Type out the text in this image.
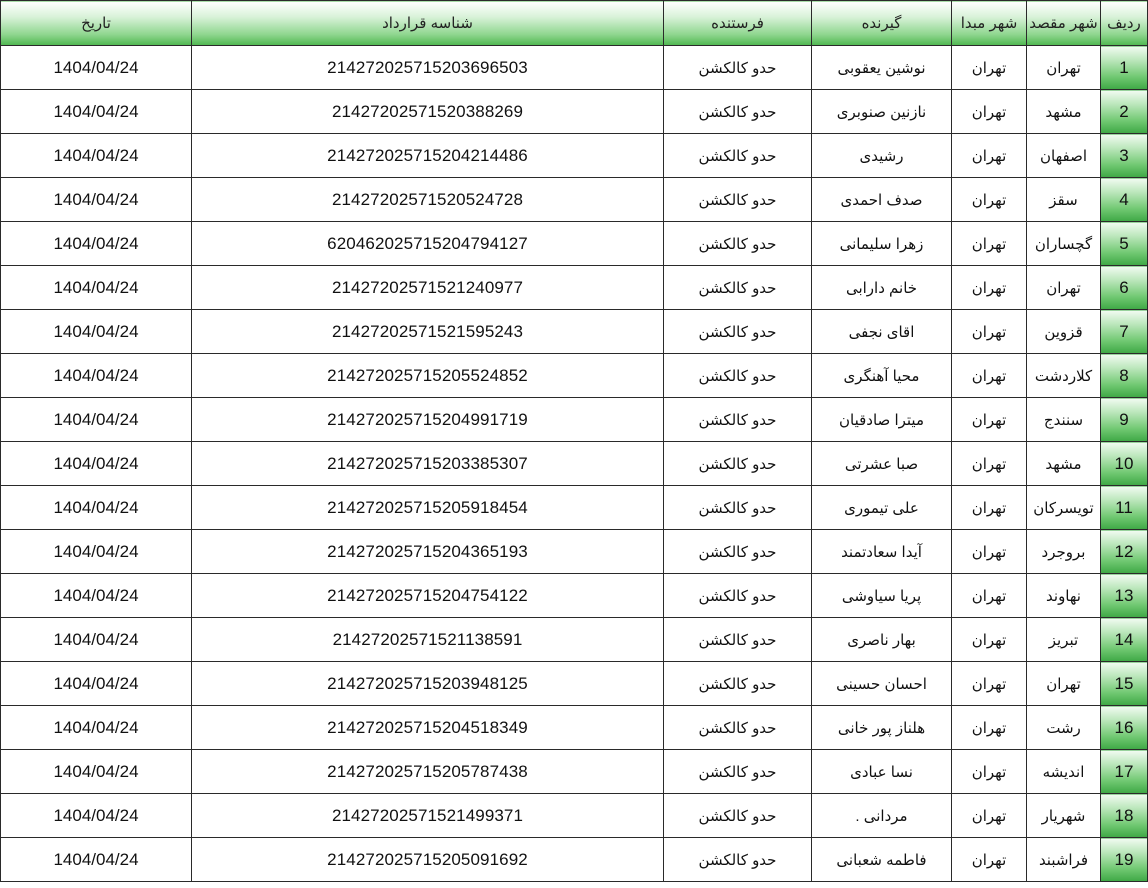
تاریخ	شناسه قرارداد	فرستنده	گیرنده	شهر مبدا	شهر مقصد	ردیف
1404/04/24	214272025715203696503	حدو کالکشن	نوشین یعقوبی	تهران	تهران	1
1404/04/24	21427202571520388269	حدو کالکشن	نازنین صنوبری	تهران	مشهد	2
1404/04/24	214272025715204214486	حدو کالکشن	رشیدی	تهران	اصفهان	3
1404/04/24	21427202571520524728	حدو کالکشن	صدف احمدی	تهران	سقز	4
1404/04/24	620462025715204794127	حدو کالکشن	زهرا سلیمانی	تهران	گچساران	5
1404/04/24	21427202571521240977	حدو کالکشن	خانم دارابی	تهران	تهران	6
1404/04/24	21427202571521595243	حدو کالکشن	اقای نجفی	تهران	قزوین	7
1404/04/24	214272025715205524852	حدو کالکشن	محیا آهنگری	تهران	کلاردشت	8
1404/04/24	214272025715204991719	حدو کالکشن	میترا صادقیان	تهران	سنندج	9
1404/04/24	214272025715203385307	حدو کالکشن	صبا عشرتی	تهران	مشهد	10
1404/04/24	214272025715205918454	حدو کالکشن	علی تیموری	تهران	تویسرکان	11
1404/04/24	214272025715204365193	حدو کالکشن	آیدا سعادتمند	تهران	بروجرد	12
1404/04/24	214272025715204754122	حدو کالکشن	پریا سیاوشی	تهران	نهاوند	13
1404/04/24	21427202571521138591	حدو کالکشن	بهار ناصری	تهران	تبریز	14
1404/04/24	214272025715203948125	حدو کالکشن	احسان حسینی	تهران	تهران	15
1404/04/24	214272025715204518349	حدو کالکشن	هلناز پور خانی	تهران	رشت	16
1404/04/24	214272025715205787438	حدو کالکشن	نسا عبادی	تهران	اندیشه	17
1404/04/24	21427202571521499371	حدو کالکشن	مردانی .	تهران	شهریار	18
1404/04/24	214272025715205091692	حدو کالکشن	فاطمه شعبانی	تهران	فراشبند	19
